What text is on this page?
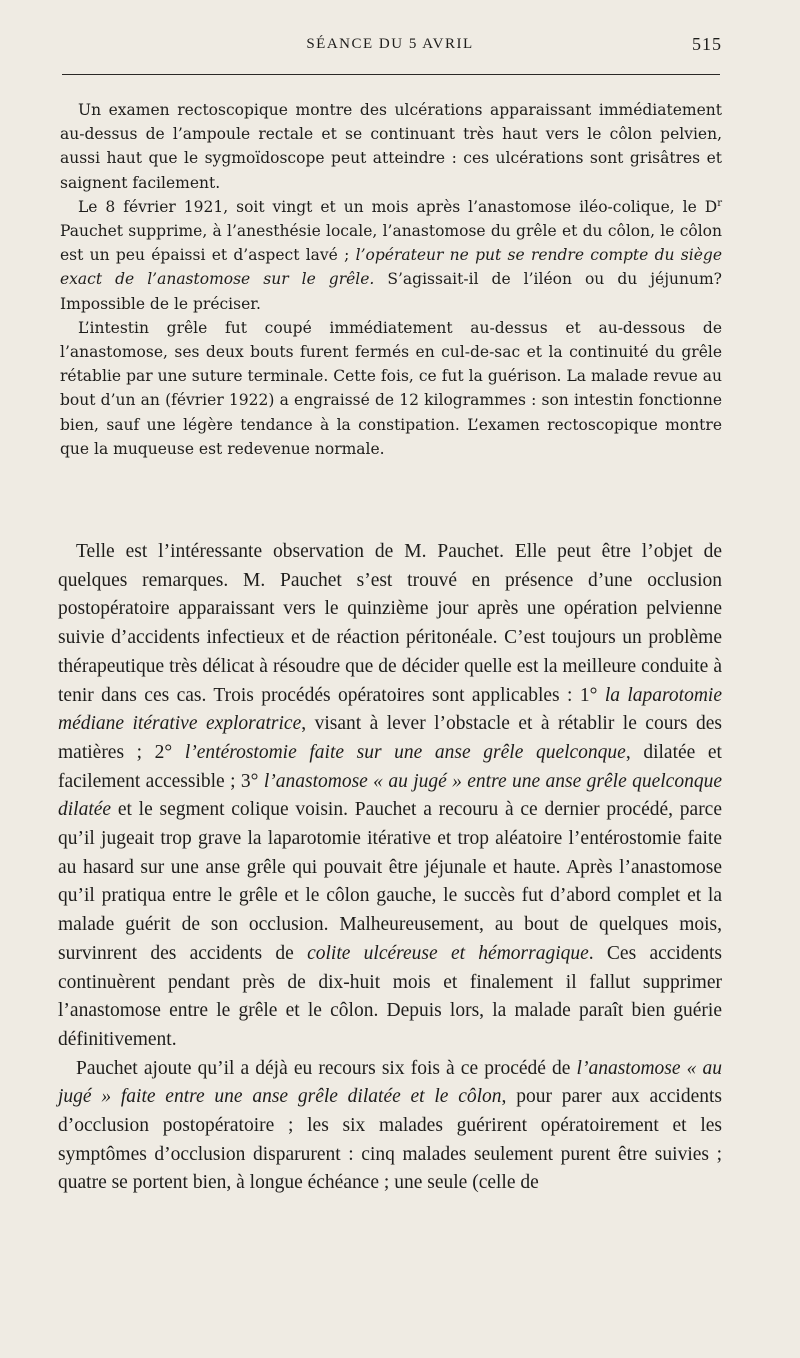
SÉANCE DU 5 AVRIL	515

Un examen rectoscopique montre des ulcérations apparaissant immédiatement au-dessus de l’ampoule rectale et se continuant très haut vers le côlon pelvien, aussi haut que le sygmoïdoscope peut atteindre : ces ulcérations sont grisâtres et saignent facilement.

Le 8 février 1921, soit vingt et un mois après l’anastomose iléo-colique, le $D^r$ Pauchet supprime, à l’anesthésie locale, l’anastomose du grêle et du côlon, le côlon est un peu épaissi et d’aspect lavé ; l’opérateur ne put se rendre compte du siège exact de l’anastomose sur le grêle. S’agissait-il de l’iléon ou du jéjunum? Impossible de le préciser.

L’intestin grêle fut coupé immédiatement au-dessus et au-dessous de l’anastomose, ses deux bouts furent fermés en cul-de-sac et la continuité du grêle rétablie par une suture terminale. Cette fois, ce fut la guérison. La malade revue au bout d’un an (février 1922) a engraissé de 12 kilogrammes : son intestin fonctionne bien, sauf une légère tendance à la constipation. L’examen rectoscopique montre que la muqueuse est redevenue normale.

Telle est l’intéressante observation de M. Pauchet. Elle peut être l’objet de quelques remarques. M. Pauchet s’est trouvé en présence d’une occlusion postopératoire apparaissant vers le quinzième jour après une opération pelvienne suivie d’accidents infectieux et de réaction péritonéale. C’est toujours un problème thérapeutique très délicat à résoudre que de décider quelle est la meilleure conduite à tenir dans ces cas. Trois procédés opératoires sont applicables : 1° la laparotomie médiane itérative exploratrice, visant à lever l’obstacle et à rétablir le cours des matières ; 2° l’entérostomie faite sur une anse grêle quelconque, dilatée et facilement accessible ; 3° l’anastomose « au jugé » entre une anse grêle quelconque dilatée et le segment colique voisin. Pauchet a recouru à ce dernier procédé, parce qu’il jugeait trop grave la laparotomie itérative et trop aléatoire l’entérostomie faite au hasard sur une anse grêle qui pouvait être jéjunale et haute. Après l’anastomose qu’il pratiqua entre le grêle et le côlon gauche, le succès fut d’abord complet et la malade guérit de son occlusion. Malheureusement, au bout de quelques mois, survinrent des accidents de colite ulcéreuse et hémorragique. Ces accidents continuèrent pendant près de dix-huit mois et finalement il fallut supprimer l’anastomose entre le grêle et le côlon. Depuis lors, la malade paraît bien guérie définitivement.

Pauchet ajoute qu’il a déjà eu recours six fois à ce procédé de l’anastomose « au jugé » faite entre une anse grêle dilatée et le côlon, pour parer aux accidents d’occlusion postopératoire ; les six malades guérirent opératoirement et les symptômes d’occlusion disparurent : cinq malades seulement purent être suivies ; quatre se portent bien, à longue échéance ; une seule (celle de
